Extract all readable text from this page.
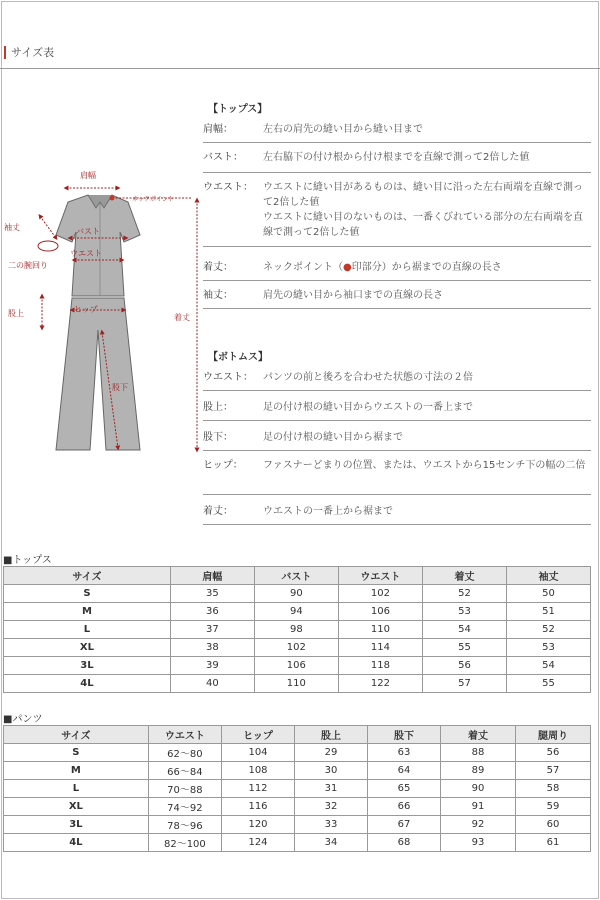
サイズ表
肩幅
ネックポイント
袖丈	バスト
ウエスト
二の腕回り
ヒップ
股上	着丈
股下
【トップス】
肩幅：	左右の肩先の縫い目から縫い目まで
バスト：	左右脇下の付け根から付け根までを直線で測って2倍した値
ウエスト：	ウエストに縫い目があるものは、縫い目に沿った左右両端を直線で測って2倍した値
ウエストに縫い目のないものは、一番くびれている部分の左右両端を直線で測って2倍した値
着丈：	ネックポイント（●印部分）から裾までの直線の長さ
袖丈：	肩先の縫い目から袖口までの直線の長さ
【ボトムス】
ウエスト：	パンツの前と後ろを合わせた状態の寸法の２倍
股上：	足の付け根の縫い目からウエストの一番上まで
股下：	足の付け根の縫い目から裾まで
ヒップ：	ファスナーどまりの位置、または、ウエストから15センチ下の幅の二倍
着丈：	ウエストの一番上から裾まで
■トップス
サイズ	肩幅	バスト	ウエスト	着丈	袖丈
S	35	90	102	52	50
M	36	94	106	53	51
L	37	98	110	54	52
XL	38	102	114	55	53
3L	39	106	118	56	54
4L	40	110	122	57	55
■パンツ
サイズ	ウエスト	ヒップ	股上	股下	着丈	腿周り
S	62〜80	104	29	63	88	56
M	66〜84	108	30	64	89	57
L	70〜88	112	31	65	90	58
XL	74〜92	116	32	66	91	59
3L	78〜96	120	33	67	92	60
4L	82〜100	124	34	68	93	61
